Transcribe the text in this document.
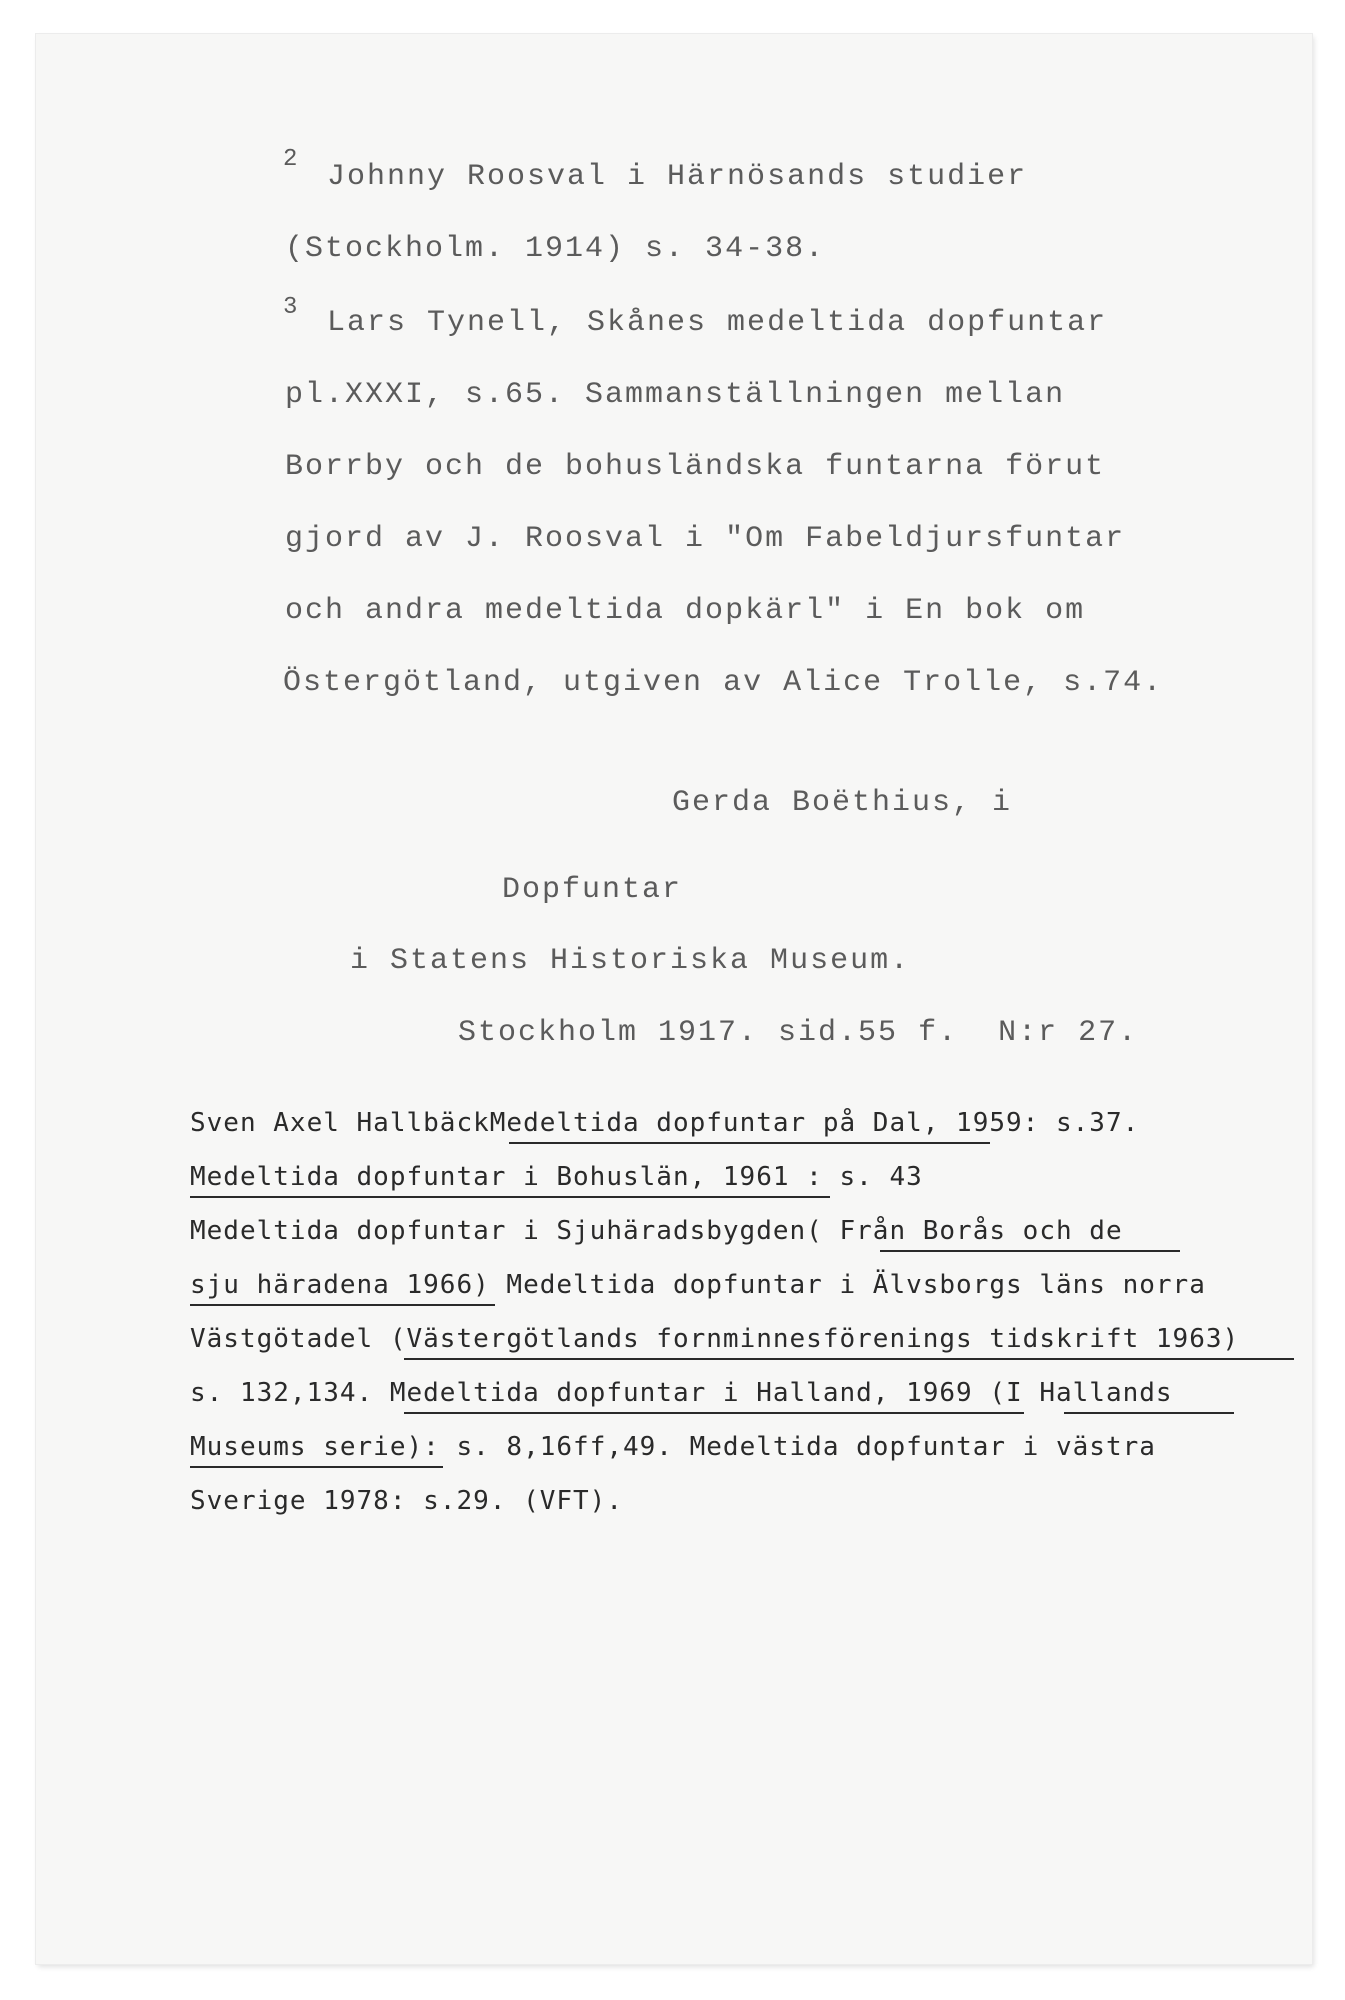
2
Johnny Roosval i Härnösands studier
(Stockholm. 1914) s. 34-38.
3 Lars Tynell, Skånes medeltida dopfuntar
pl.XXXI, s.65. Sammanställningen mellan
Borrby och de bohusländska funtarna förut
gjord av J. Roosval i "Om Fabeldjursfuntar
och andra medeltida dopkärl" i En bok om
Östergötland, utgiven av Alice Trolle, s.74.
Gerda Boëthius, i
Dopfuntar
i Statens Historiska Museum.
Stockholm 1917. sid.55 f.  N:r 27.
Sven Axel HallbäckMedeltida dopfuntar på Dal, 1959: s.37.
Medeltida dopfuntar i Bohuslän, 1961 : s. 43
Medeltida dopfuntar i Sjuhäradsbygden( Från Borås och de
sju häradena 1966) Medeltida dopfuntar i Älvsborgs läns norra
Västgötadel (Västergötlands fornminnesförenings tidskrift 1963)
s. 132,134. Medeltida dopfuntar i Halland, 1969 (I Hallands
Museums serie): s. 8,16ff,49. Medeltida dopfuntar i västra
Sverige 1978: s.29. (VFT).
